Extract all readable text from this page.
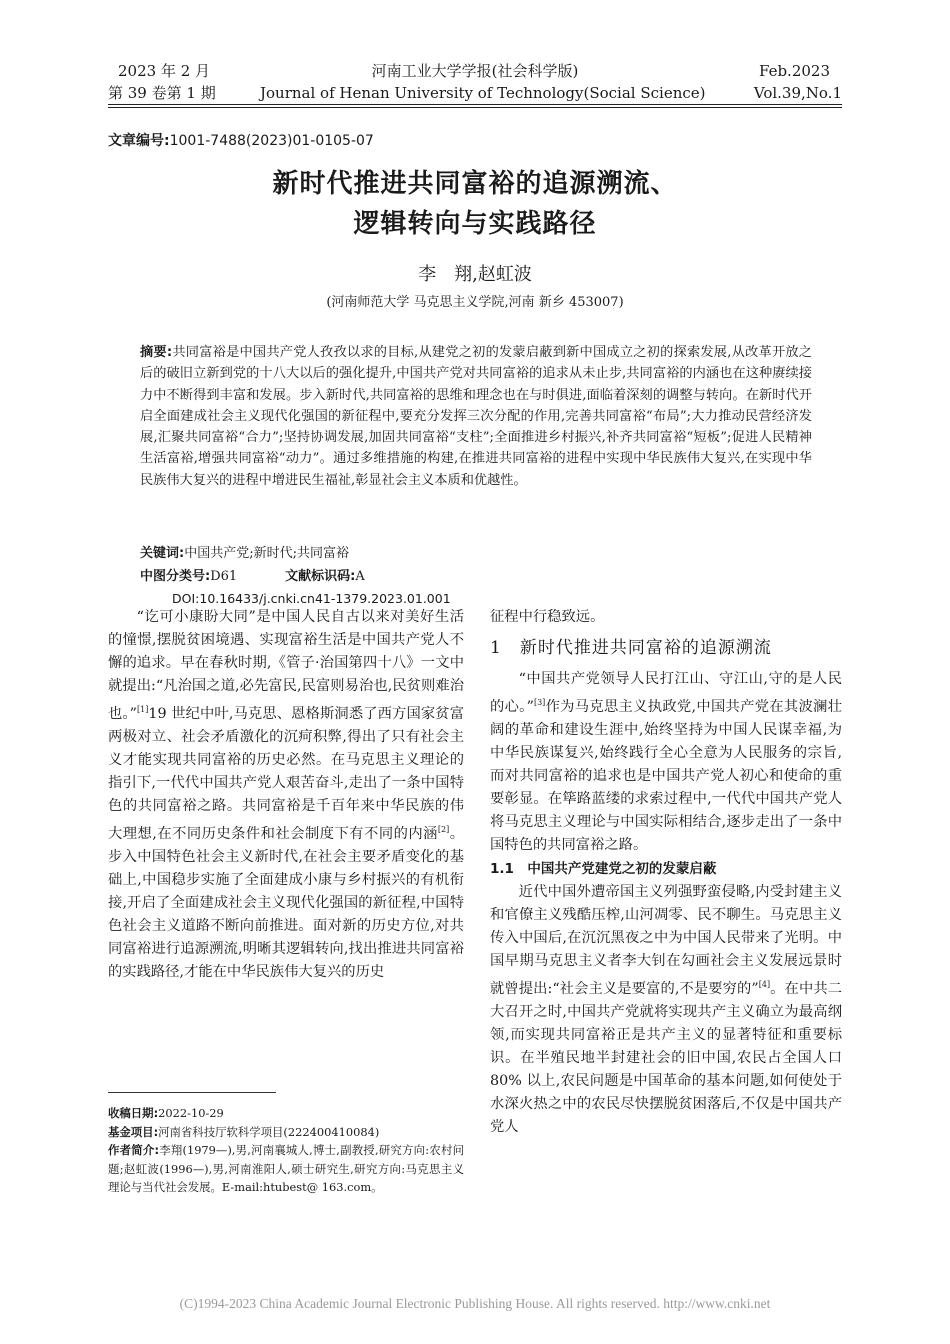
2023 年 2 月
第 39 卷第 1 期
河南工业大学学报(社会科学版)
Journal of Henan University of Technology(Social Science)
Feb.2023
Vol.39,No.1
文章编号:1001-7488(2023)01-0105-07
新时代推进共同富裕的追源溯流、
逻辑转向与实践路径
李　翔,赵虹波
(河南师范大学 马克思主义学院,河南 新乡 453007)
摘要:共同富裕是中国共产党人孜孜以求的目标,从建党之初的发蒙启蔽到新中国成立之初的探索发展,从改革开放之后的破旧立新到党的十八大以后的强化提升,中国共产党对共同富裕的追求从未止步,共同富裕的内涵也在这种赓续接力中不断得到丰富和发展。步入新时代,共同富裕的思维和理念也在与时俱进,面临着深刻的调整与转向。在新时代开启全面建成社会主义现代化强国的新征程中,要充分发挥三次分配的作用,完善共同富裕“布局”;大力推动民营经济发展,汇聚共同富裕“合力”;坚持协调发展,加固共同富裕“支柱”;全面推进乡村振兴,补齐共同富裕“短板”;促进人民精神生活富裕,增强共同富裕“动力”。通过多维措施的构建,在推进共同富裕的进程中实现中华民族伟大复兴,在实现中华民族伟大复兴的进程中增进民生福祉,彰显社会主义本质和优越性。
关键词:中国共产党;新时代;共同富裕
中图分类号:D61	文献标识码:A
DOI:10.16433/j.cnki.cn41-1379.2023.01.001

“讫可小康盼大同”是中国人民自古以来对美好生活的憧憬,摆脱贫困境遇、实现富裕生活是中国共产党人不懈的追求。早在春秋时期,《管子·治国第四十八》一文中就提出:“凡治国之道,必先富民,民富则易治也,民贫则难治也。”[1]19 世纪中叶,马克思、恩格斯洞悉了西方国家贫富两极对立、社会矛盾激化的沉疴积弊,得出了只有社会主义才能实现共同富裕的历史必然。在马克思主义理论的指引下,一代代中国共产党人艰苦奋斗,走出了一条中国特色的共同富裕之路。共同富裕是千百年来中华民族的伟大理想,在不同历史条件和社会制度下有不同的内涵[2]。步入中国特色社会主义新时代,在社会主要矛盾变化的基础上,中国稳步实施了全面建成小康与乡村振兴的有机衔接,开启了全面建成社会主义现代化强国的新征程,中国特色社会主义道路不断向前推进。面对新的历史方位,对共同富裕进行追源溯流,明晰其逻辑转向,找出推进共同富裕的实践路径,才能在中华民族伟大复兴的历史

征程中行稳致远。

1　新时代推进共同富裕的追源溯流

“中国共产党领导人民打江山、守江山,守的是人民的心。”[3]作为马克思主义执政党,中国共产党在其波澜壮阔的革命和建设生涯中,始终坚持为中国人民谋幸福,为中华民族谋复兴,始终践行全心全意为人民服务的宗旨,而对共同富裕的追求也是中国共产党人初心和使命的重要彰显。在筚路蓝缕的求索过程中,一代代中国共产党人将马克思主义理论与中国实际相结合,逐步走出了一条中国特色的共同富裕之路。

1.1　中国共产党建党之初的发蒙启蔽

近代中国外遭帝国主义列强野蛮侵略,内受封建主义和官僚主义残酷压榨,山河凋零、民不聊生。马克思主义传入中国后,在沉沉黑夜之中为中国人民带来了光明。中国早期马克思主义者李大钊在勾画社会主义发展远景时就曾提出:“社会主义是要富的,不是要穷的”[4]。在中共二大召开之时,中国共产党就将实现共产主义确立为最高纲领,而实现共同富裕正是共产主义的显著特征和重要标识。在半殖民地半封建社会的旧中国,农民占全国人口 80% 以上,农民问题是中国革命的基本问题,如何使处于水深火热之中的农民尽快摆脱贫困落后,不仅是中国共产党人

收稿日期:2022-10-29
基金项目:河南省科技厅软科学项目(222400410084)
作者简介:李翔(1979—),男,河南襄城人,博士,副教授,研究方向:农村问题;赵虹波(1996—),男,河南淮阳人,硕士研究生,研究方向:马克思主义理论与当代社会发展。E-mail:htubest@ 163.com。
(C)1994-2023 China Academic Journal Electronic Publishing House. All rights reserved. http://www.cnki.net
